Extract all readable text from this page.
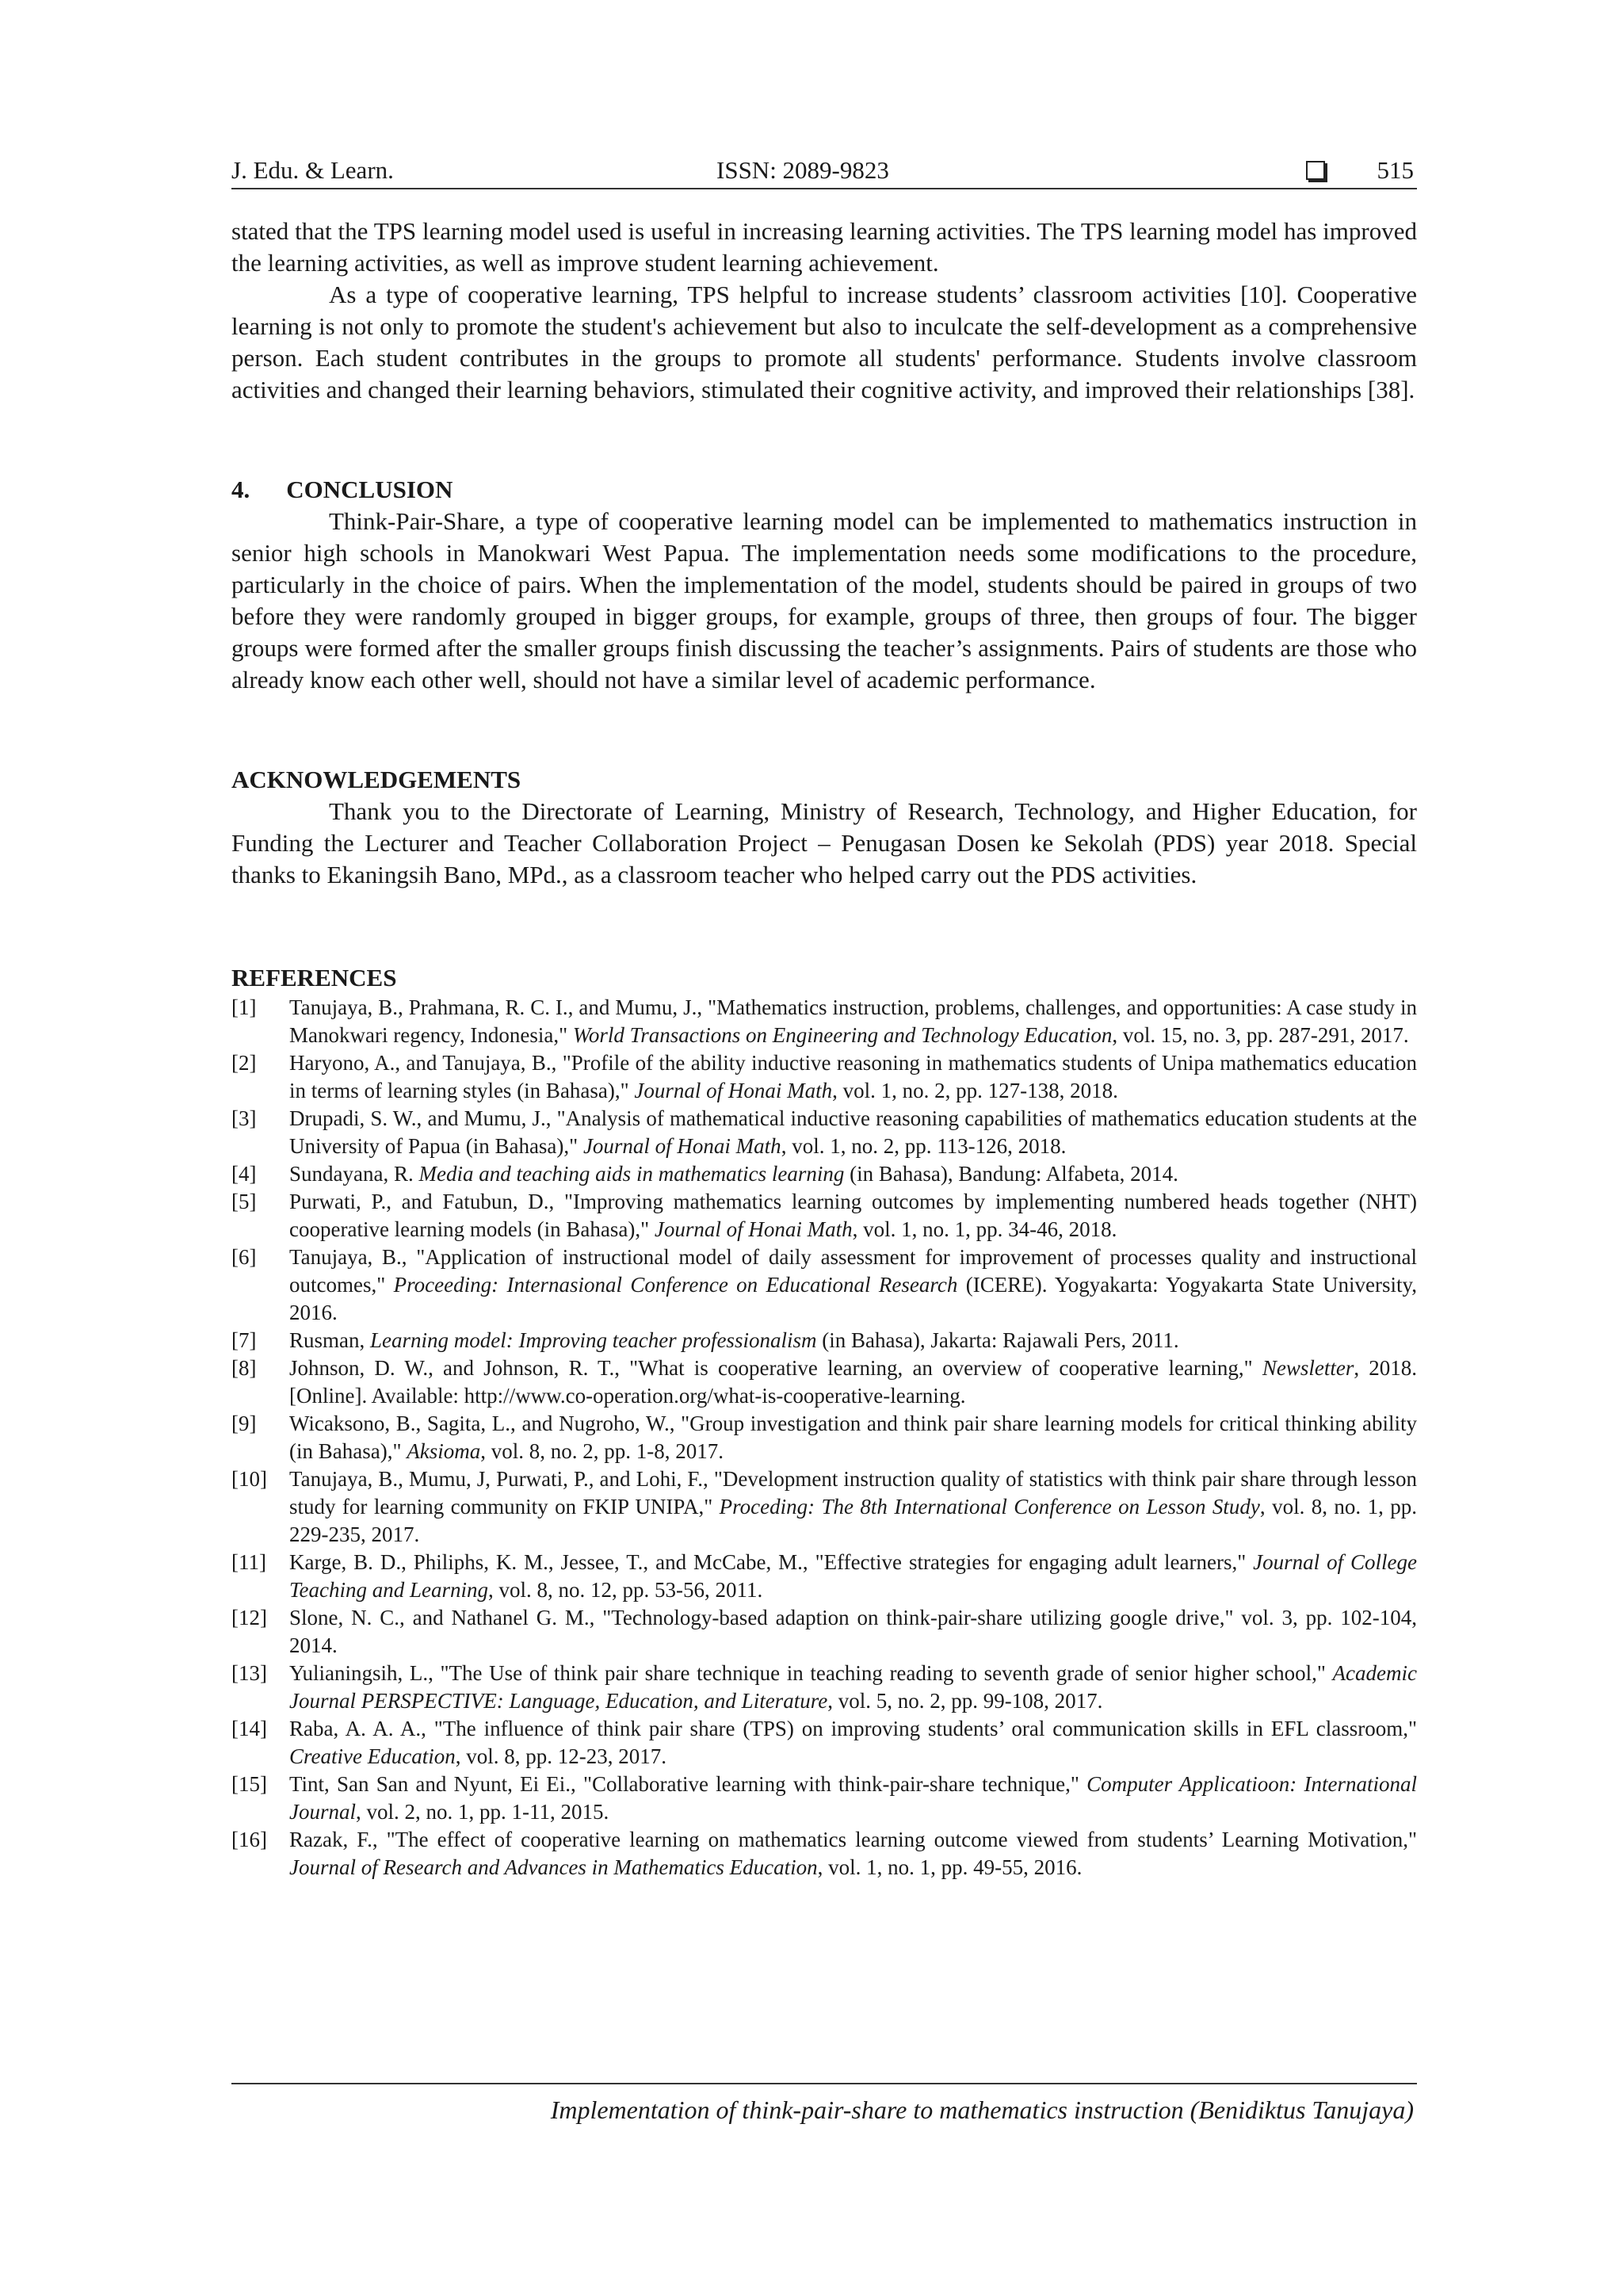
J. Edu. & Learn.	ISSN: 2089-9823	515

stated that the TPS learning model used is useful in increasing learning activities. The TPS learning model has improved the learning activities, as well as improve student learning achievement.

As a type of cooperative learning, TPS helpful to increase students’ classroom activities [10]. Cooperative learning is not only to promote the student's achievement but also to inculcate the self-development as a comprehensive person. Each student contributes in the groups to promote all students' performance. Students involve classroom activities and changed their learning behaviors, stimulated their cognitive activity, and improved their relationships [38].

4. CONCLUSION

Think-Pair-Share, a type of cooperative learning model can be implemented to mathematics instruction in senior high schools in Manokwari West Papua. The implementation needs some modifications to the procedure, particularly in the choice of pairs. When the implementation of the model, students should be paired in groups of two before they were randomly grouped in bigger groups, for example, groups of three, then groups of four. The bigger groups were formed after the smaller groups finish discussing the teacher’s assignments. Pairs of students are those who already know each other well, should not have a similar level of academic performance.

ACKNOWLEDGEMENTS

Thank you to the Directorate of Learning, Ministry of Research, Technology, and Higher Education, for Funding the Lecturer and Teacher Collaboration Project – Penugasan Dosen ke Sekolah (PDS) year 2018. Special thanks to Ekaningsih Bano, MPd., as a classroom teacher who helped carry out the PDS activities.

REFERENCES

[1] Tanujaya, B., Prahmana, R. C. I., and Mumu, J., "Mathematics instruction, problems, challenges, and opportunities: A case study in Manokwari regency, Indonesia," World Transactions on Engineering and Technology Education, vol. 15, no. 3, pp. 287-291, 2017.

[2] Haryono, A., and Tanujaya, B., "Profile of the ability inductive reasoning in mathematics students of Unipa mathematics education in terms of learning styles (in Bahasa)," Journal of Honai Math, vol. 1, no. 2, pp. 127-138, 2018.

[3] Drupadi, S. W., and Mumu, J., "Analysis of mathematical inductive reasoning capabilities of mathematics education students at the University of Papua (in Bahasa)," Journal of Honai Math, vol. 1, no. 2, pp. 113-126, 2018.

[4] Sundayana, R. Media and teaching aids in mathematics learning (in Bahasa), Bandung: Alfabeta, 2014.

[5] Purwati, P., and Fatubun, D., "Improving mathematics learning outcomes by implementing numbered heads together (NHT) cooperative learning models (in Bahasa)," Journal of Honai Math, vol. 1, no. 1, pp. 34-46, 2018.

[6] Tanujaya, B., "Application of instructional model of daily assessment for improvement of processes quality and instructional outcomes," Proceeding: Internasional Conference on Educational Research (ICERE). Yogyakarta: Yogyakarta State University, 2016.

[7] Rusman, Learning model: Improving teacher professionalism (in Bahasa), Jakarta: Rajawali Pers, 2011.

[8] Johnson, D. W., and Johnson, R. T., "What is cooperative learning, an overview of cooperative learning," Newsletter, 2018. [Online]. Available: http://www.co-operation.org/what-is-cooperative-learning.

[9] Wicaksono, B., Sagita, L., and Nugroho, W., "Group investigation and think pair share learning models for critical thinking ability (in Bahasa)," Aksioma, vol. 8, no. 2, pp. 1-8, 2017.

[10] Tanujaya, B., Mumu, J, Purwati, P., and Lohi, F., "Development instruction quality of statistics with think pair share through lesson study for learning community on FKIP UNIPA," Proceding: The 8th International Conference on Lesson Study, vol. 8, no. 1, pp. 229-235, 2017.

[11] Karge, B. D., Philiphs, K. M., Jessee, T., and McCabe, M., "Effective strategies for engaging adult learners," Journal of College Teaching and Learning, vol. 8, no. 12, pp. 53-56, 2011.

[12] Slone, N. C., and Nathanel G. M., "Technology-based adaption on think-pair-share utilizing google drive," vol. 3, pp. 102-104, 2014.

[13] Yulianingsih, L., "The Use of think pair share technique in teaching reading to seventh grade of senior higher school," Academic Journal PERSPECTIVE: Language, Education, and Literature, vol. 5, no. 2, pp. 99-108, 2017.

[14] Raba, A. A. A., "The influence of think pair share (TPS) on improving students’ oral communication skills in EFL classroom," Creative Education, vol. 8, pp. 12-23, 2017.

[15] Tint, San San and Nyunt, Ei Ei., "Collaborative learning with think-pair-share technique," Computer Applicatioon: International Journal, vol. 2, no. 1, pp. 1-11, 2015.

[16] Razak, F., "The effect of cooperative learning on mathematics learning outcome viewed from students’ Learning Motivation," Journal of Research and Advances in Mathematics Education, vol. 1, no. 1, pp. 49-55, 2016.

Implementation of think-pair-share to mathematics instruction (Benidiktus Tanujaya)
